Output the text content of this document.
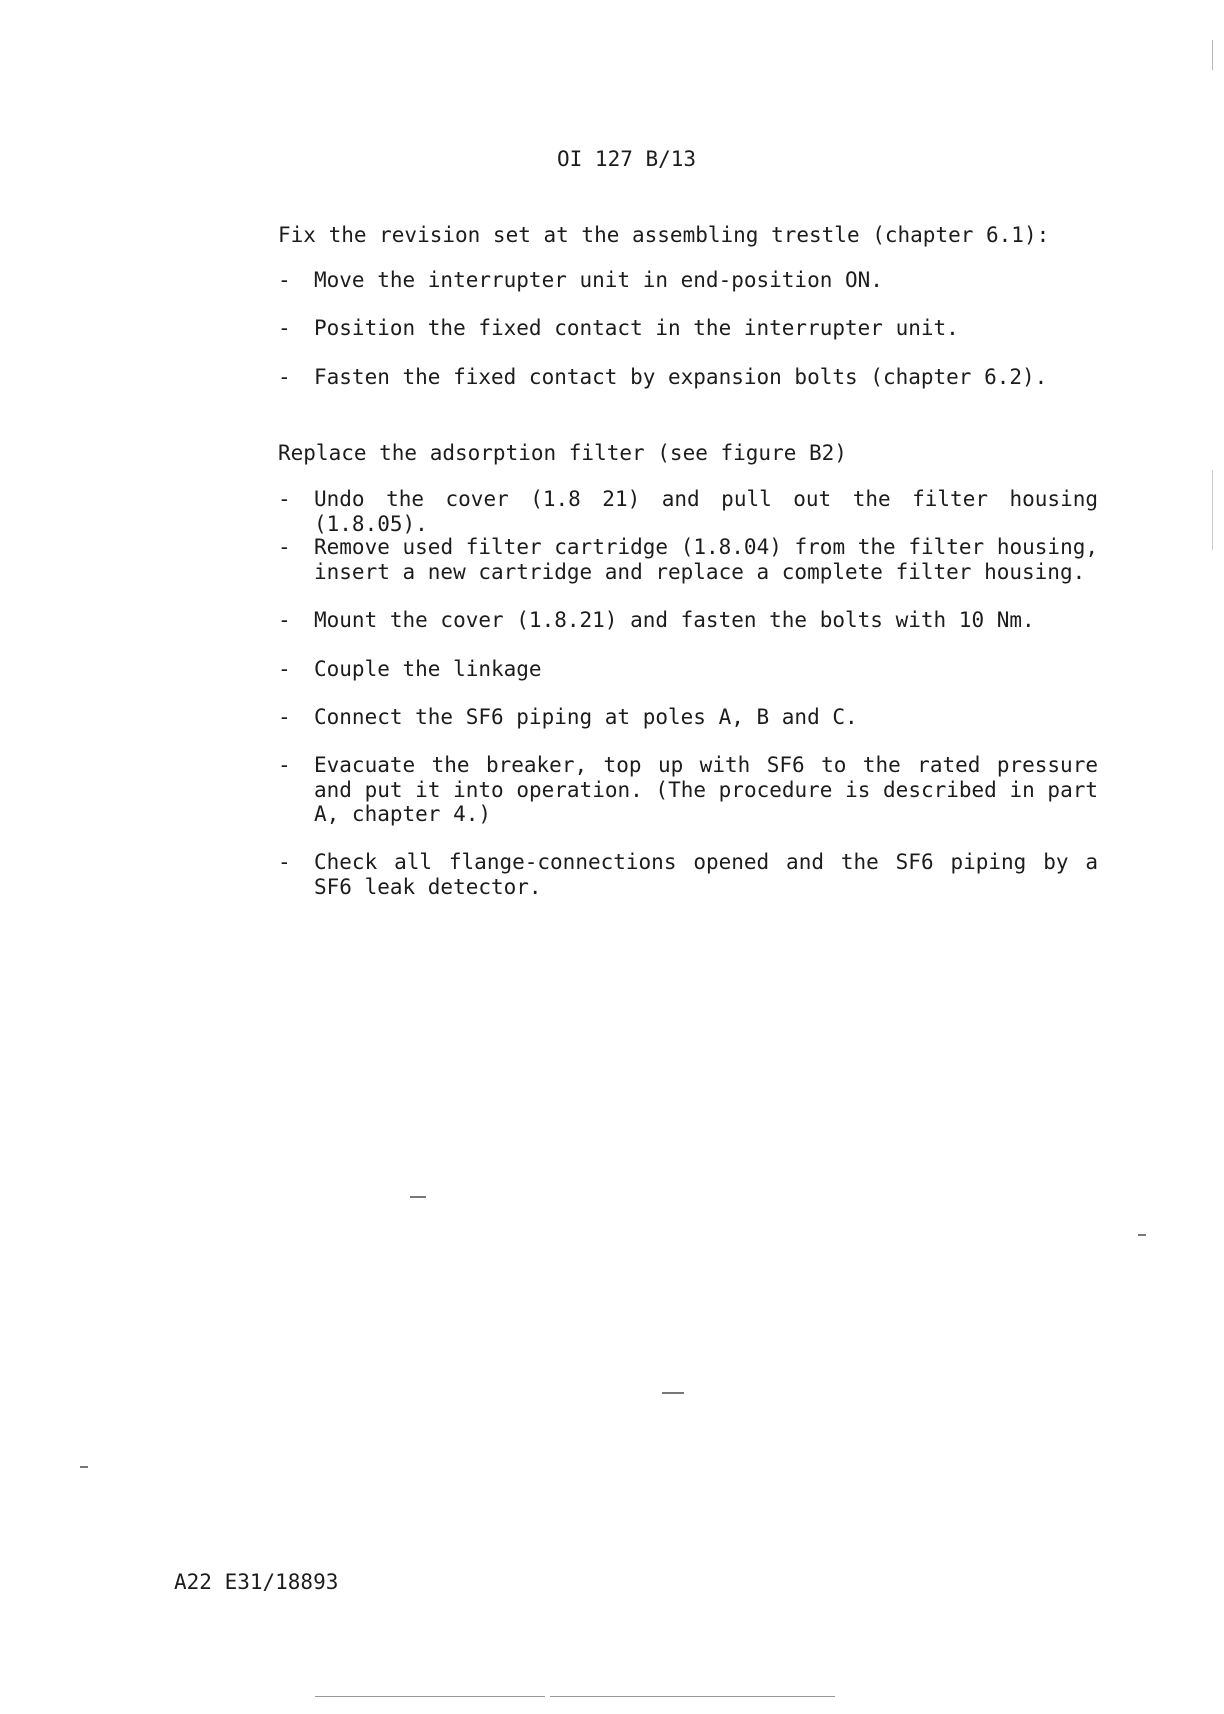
OI 127 B/13
Fix the revision set at the assembling trestle (chapter 6.1):
-	Move the interrupter unit in end-position ON.
-	Position the fixed contact in the interrupter unit.
-	Fasten the fixed contact by expansion bolts (chapter 6.2).
Replace the adsorption filter (see figure B2)
-	Undo the cover (1.8 21) and pull out the filter housing (1.8.05).
-	Remove used filter cartridge (1.8.04) from the filter housing, insert a new cartridge and replace a complete filter housing.
-	Mount the cover (1.8.21) and fasten the bolts with 10 Nm.
-	Couple the linkage
-	Connect the SF6 piping at poles A, B and C.
-	Evacuate the breaker, top up with SF6 to the rated pressure and put it into operation. (The procedure is described in part A, chapter 4.)
-	Check all flange-connections opened and the SF6 piping by a SF6 leak detector.
A22 E31/18893
